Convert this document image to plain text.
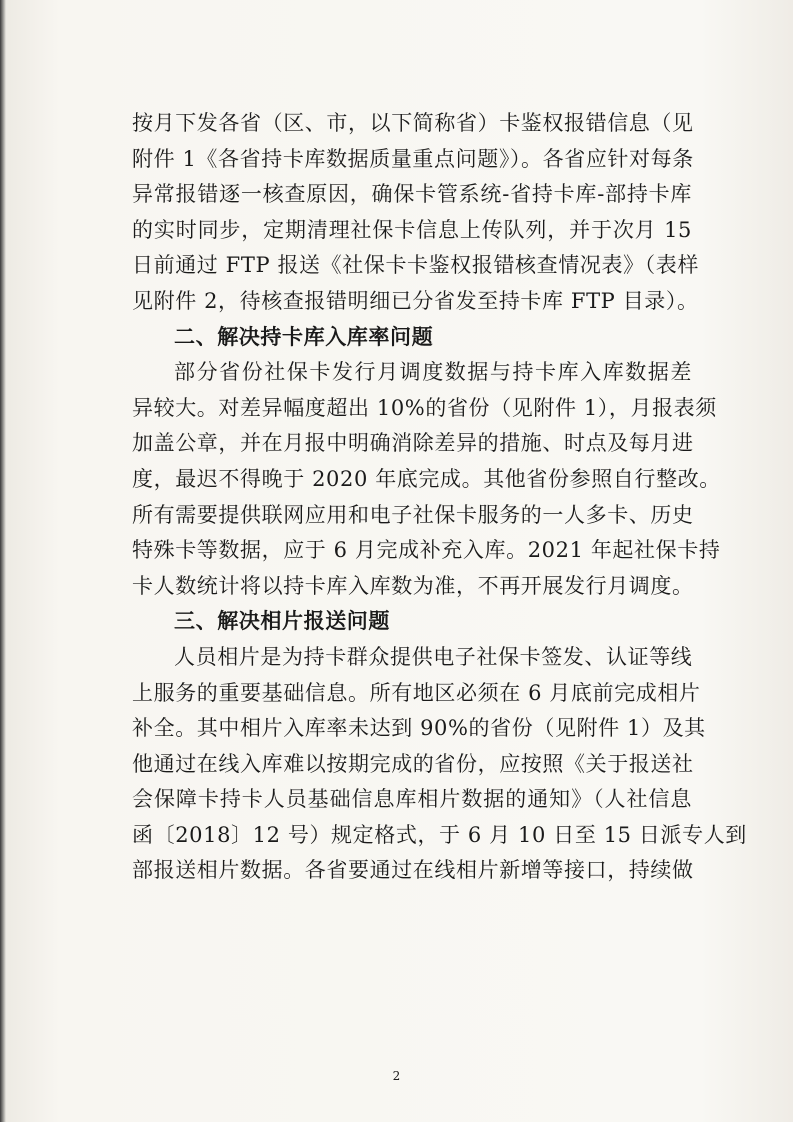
按月下发各省（区、市，以下简称省）卡鉴权报错信息（见
附件 1《各省持卡库数据质量重点问题》）。各省应针对每条
异常报错逐一核查原因，确保卡管系统-省持卡库-部持卡库
的实时同步，定期清理社保卡信息上传队列，并于次月 15
日前通过 FTP 报送《社保卡卡鉴权报错核查情况表》（表样
见附件 2，待核查报错明细已分省发至持卡库 FTP 目录）。
二、解决持卡库入库率问题
部分省份社保卡发行月调度数据与持卡库入库数据差
异较大。对差异幅度超出 10%的省份（见附件 1），月报表须
加盖公章，并在月报中明确消除差异的措施、时点及每月进
度，最迟不得晚于 2020 年底完成。其他省份参照自行整改。
所有需要提供联网应用和电子社保卡服务的一人多卡、历史
特殊卡等数据，应于 6 月完成补充入库。2021 年起社保卡持
卡人数统计将以持卡库入库数为准，不再开展发行月调度。
三、解决相片报送问题
人员相片是为持卡群众提供电子社保卡签发、认证等线
上服务的重要基础信息。所有地区必须在 6 月底前完成相片
补全。其中相片入库率未达到 90%的省份（见附件 1）及其
他通过在线入库难以按期完成的省份，应按照《关于报送社
会保障卡持卡人员基础信息库相片数据的通知》（人社信息
函〔2018〕12 号）规定格式，于 6 月 10 日至 15 日派专人到
部报送相片数据。各省要通过在线相片新增等接口，持续做
2
